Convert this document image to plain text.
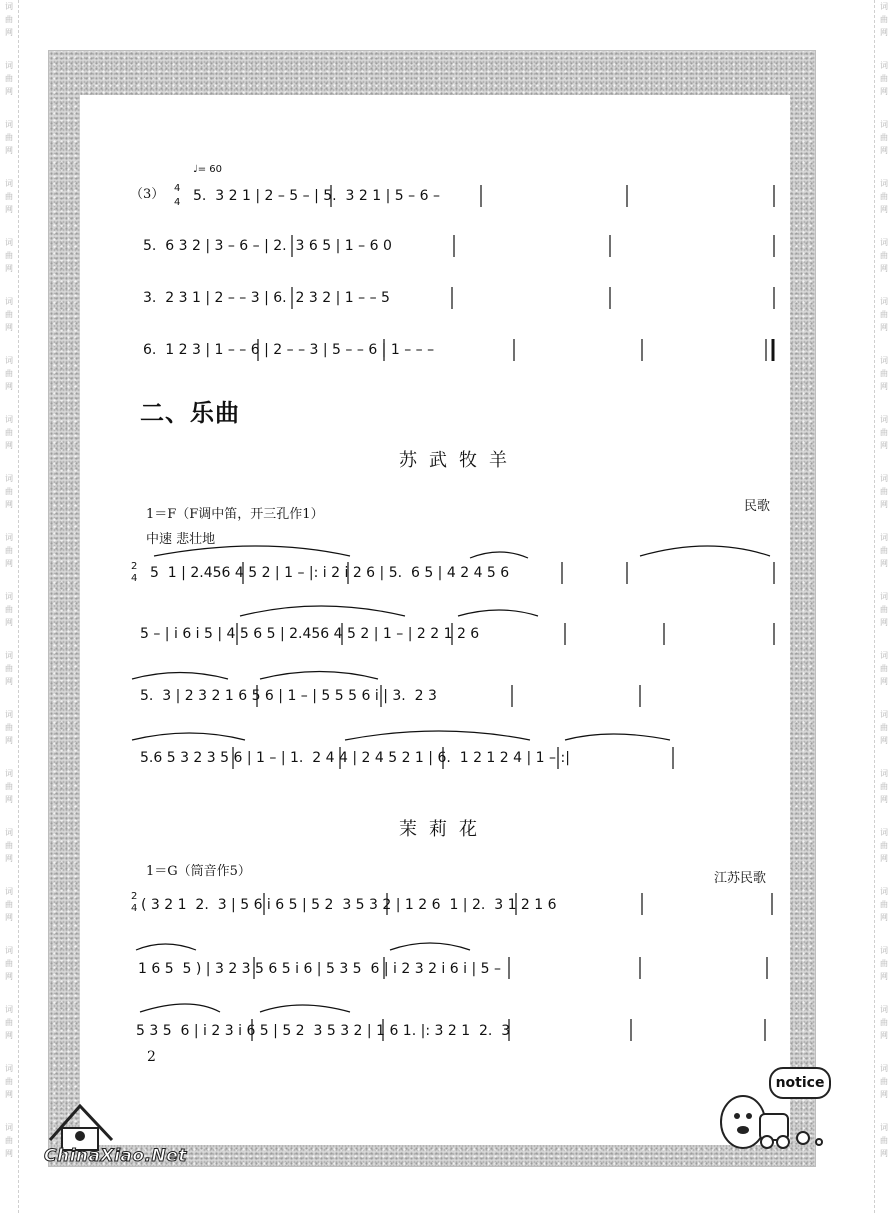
词
曲
网
词
曲
网
词
曲
网
词
曲
网
词
曲
网
词
曲
网
词
曲
网
词
曲
网
词
曲
网
词
曲
网
词
曲
网
词
曲
网
词
曲
网
词
曲
网
词
曲
网
词
曲
网
词
曲
网
词
曲
网
词
曲
网
词
曲
网
词
曲
网
词
曲
网
词
曲
网
词
曲
网
词
曲
网
词
曲
网
词
曲
网
词
曲
网
词
曲
网
词
曲
网
词
曲
网
词
曲
网
词
曲
网
词
曲
网
词
曲
网
词
曲
网
词
曲
网
词
曲
网
词
曲
网
词
曲
网
（3） 4
4
♩= 60
5.  3 2 1 | 2 – 5 – | 5.  3 2 1 | 5 – 6 –
5.  6 3 2 | 3 – 6 – | 2.  3 6 5 | 1 – 6 0
3.  2 3 1 | 2 – – 3 | 6.  2 3 2 | 1 – – 5
6.  1 2 3 | 1 – – 6 | 2 – – 3 | 5 – – 6 | 1 – – –
1＝F（F调中笛，开三孔作1）
民歌
中速 悲壮地
2
4 5  1 | 2.456 4 5 2 | 1 – |: i 2 i 2 6 | 5.  6 5 | 4 2 4 5 6
5 – | i 6 i 5 | 4 5 6 5 | 2.456 4 5 2 | 1 – | 2 2 1 2 6
5.  3 | 2 3 2 1 6 5 6 | 1 – | 5 5 5 6 i | 3.  2 3
5.6 5 3 2 3 5 6 | 1 – | 1.  2 4 4 | 2 4 5 2 1 | 6.  1 2 1 2 4 | 1 – :|
1＝G（筒音作5）	江苏民歌
2
4 ( 3 2 1  2.  3 | 5 6 i 6 5 | 5 2  3 5 3 2 | 1 2 6  1 | 2.  3 1 2 1 6
1 6 5  5 ) | 3 2 3 5 6 5 i 6 | 5 3 5  6 | i 2 3 2 i 6 i | 5 –
5 3 5  6 | i 2 3 i 6 5 | 5 2  3 5 3 2 | 1 6 1. |: 3 2 1  2.  3
二、乐曲
苏武牧羊
茉莉花
2
notice
ChinaXiao.Net
